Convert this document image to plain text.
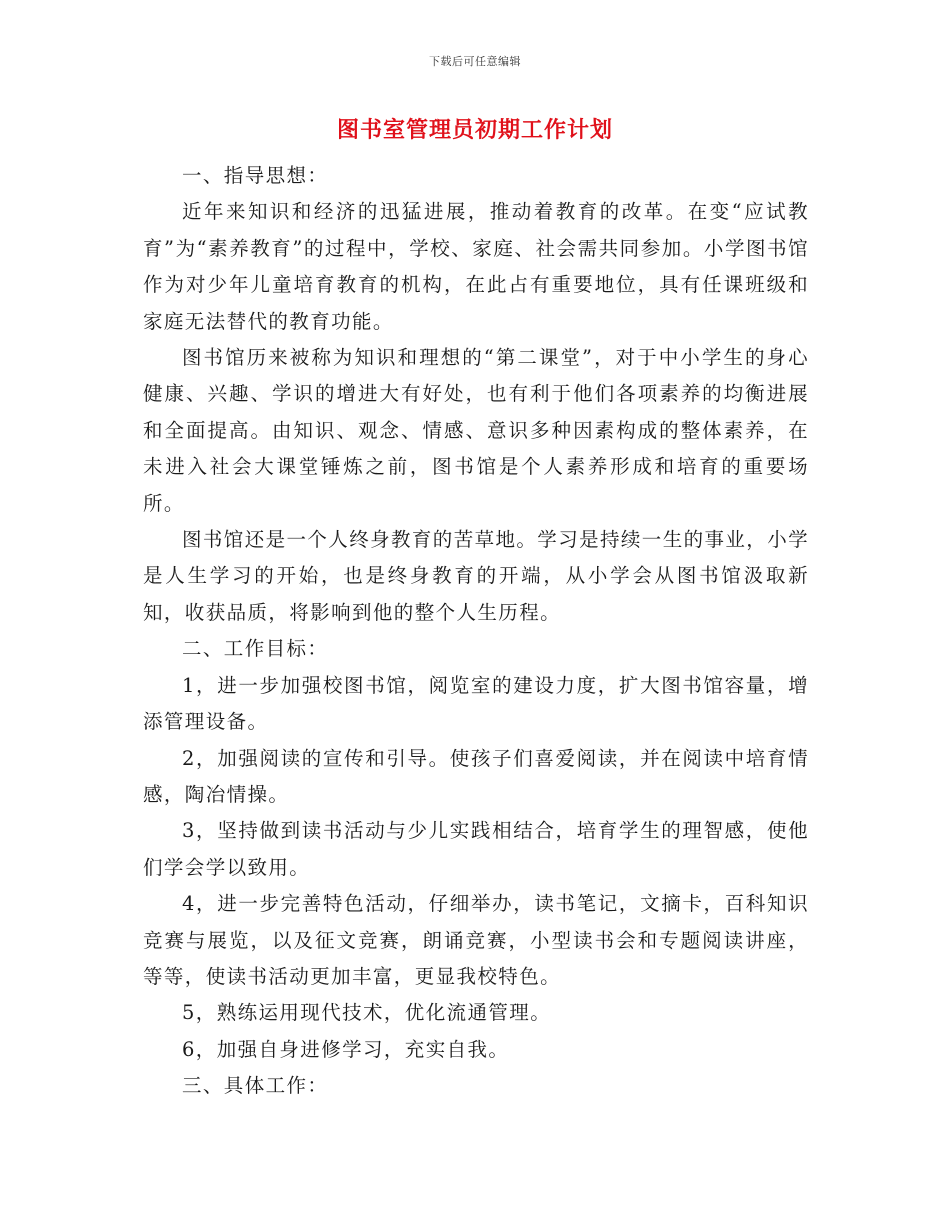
下载后可任意编辑
图书室管理员初期工作计划

一、指导思想：

近年来知识和经济的迅猛进展，推动着教育的改革。在变“应试教育”为“素养教育”的过程中，学校、家庭、社会需共同参加。小学图书馆作为对少年儿童培育教育的机构，在此占有重要地位，具有任课班级和家庭无法替代的教育功能。

图书馆历来被称为知识和理想的“第二课堂”，对于中小学生的身心健康、兴趣、学识的增进大有好处，也有利于他们各项素养的均衡进展和全面提高。由知识、观念、情感、意识多种因素构成的整体素养，在未进入社会大课堂锤炼之前，图书馆是个人素养形成和培育的重要场所。

图书馆还是一个人终身教育的苦草地。学习是持续一生的事业，小学是人生学习的开始，也是终身教育的开端，从小学会从图书馆汲取新知，收获品质，将影响到他的整个人生历程。

二、工作目标：

1，进一步加强校图书馆，阅览室的建设力度，扩大图书馆容量，增添管理设备。

2，加强阅读的宣传和引导。使孩子们喜爱阅读，并在阅读中培育情感，陶冶情操。

3，坚持做到读书活动与少儿实践相结合，培育学生的理智感，使他们学会学以致用。

4，进一步完善特色活动，仔细举办，读书笔记，文摘卡，百科知识竞赛与展览，以及征文竞赛，朗诵竞赛，小型读书会和专题阅读讲座，等等，使读书活动更加丰富，更显我校特色。

5，熟练运用现代技术，优化流通管理。

6，加强自身进修学习，充实自我。

三、具体工作：
